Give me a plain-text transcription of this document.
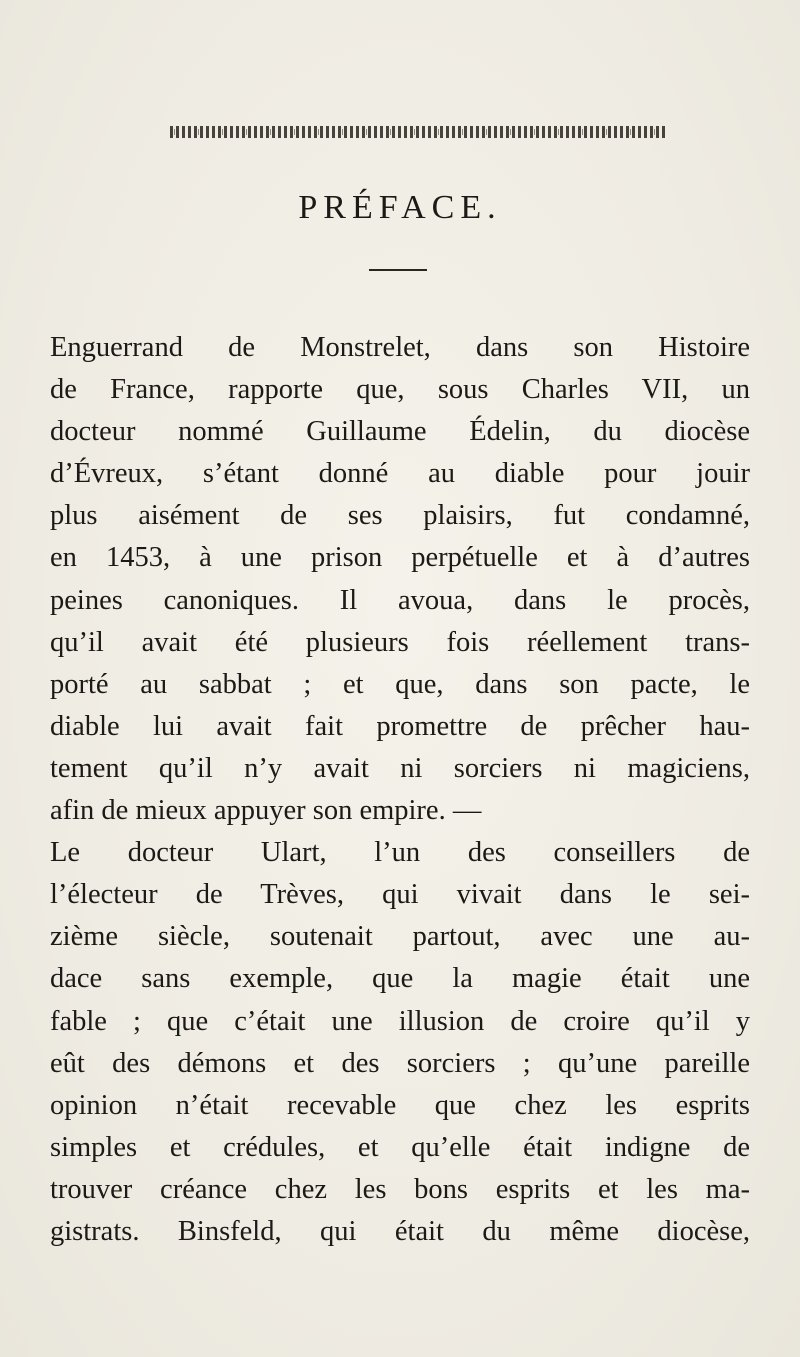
PRÉFACE.
Enguerrand de Monstrelet, dans son Histoire
de France, rapporte que, sous Charles VII, un
docteur nommé Guillaume Édelin, du diocèse
d’Évreux, s’étant donné au diable pour jouir
plus aisément de ses plaisirs, fut condamné,
en 1453, à une prison perpétuelle et à d’autres
peines canoniques. Il avoua, dans le procès,
qu’il avait été plusieurs fois réellement trans-
porté au sabbat ; et que, dans son pacte, le
diable lui avait fait promettre de prêcher hau-
tement qu’il n’y avait ni sorciers ni magiciens,
afin de mieux appuyer son empire. —
Le docteur Ulart, l’un des conseillers de
l’électeur de Trèves, qui vivait dans le sei-
zième siècle, soutenait partout, avec une au-
dace sans exemple, que la magie était une
fable ; que c’était une illusion de croire qu’il y
eût des démons et des sorciers ; qu’une pareille
opinion n’était recevable que chez les esprits
simples et crédules, et qu’elle était indigne de
trouver créance chez les bons esprits et les ma-
gistrats. Binsfeld, qui était du même diocèse,
